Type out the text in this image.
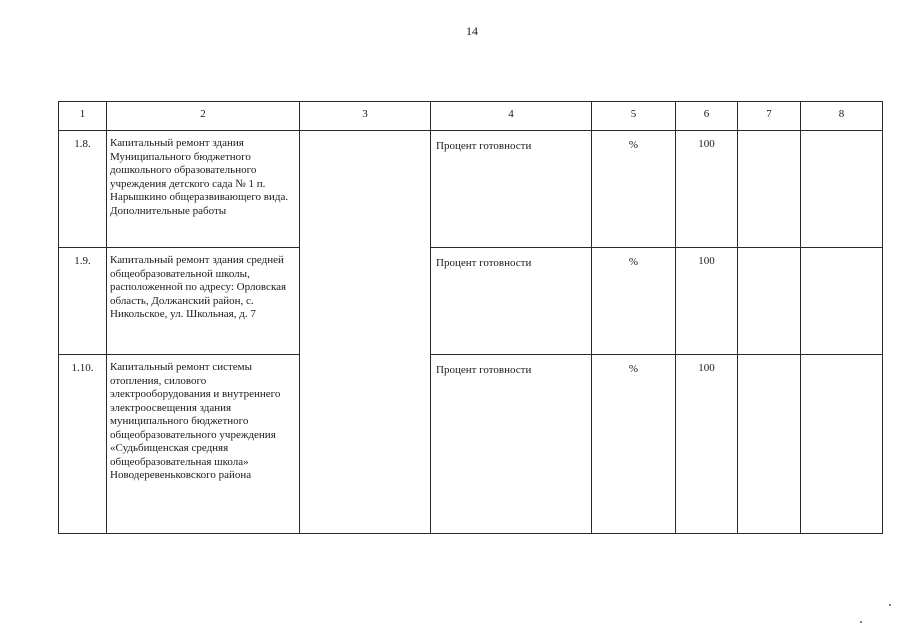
14
1	2	3	4	5	6	7	8
1.8.	Капитальный ремонт здания Муниципального бюджетного дошкольного образовательного учреждения детского сада № 1 п. Нарышкино общеразвивающего вида. Дополнительные работы		Процент готовности	%	100		
1.9.	Капитальный ремонт здания средней общеобразовательной школы, расположенной по адресу: Орловская область, Должанский район, с. Никольское, ул. Школьная, д. 7		Процент готовности	%	100		
1.10.	Капитальный ремонт системы отопления, силового электрооборудования и внутреннего электроосвещения здания муниципального бюджетного общеобразовательного учреждения «Судьбищенская средняя общеобразовательная школа» Новодеревеньковского района		Процент готовности	%	100		
